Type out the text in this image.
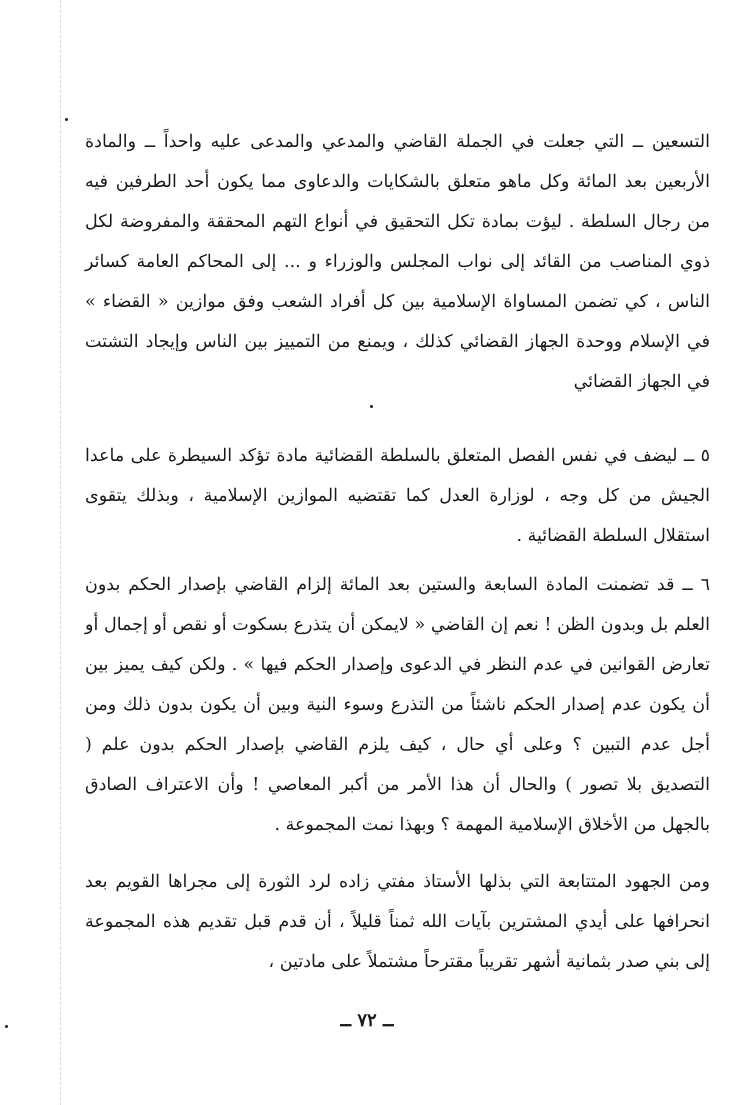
التسعين ــ التي جعلت في الجملة القاضي والمدعي والمدعى عليه واحداً ــ والمادة الأربعين بعد المائة وكل ماهو متعلق بالشكايات والدعاوى مما يكون أحد الطرفين فيه من رجال السلطة . ليؤت بمادة تكل التحقيق في أنواع التهم المحققة والمفروضة لكل ذوي المناصب من القائد إلى نواب المجلس والوزراء و ... إلى المحاكم العامة كسائر الناس ، كي تضمن المساواة الإسلامية بين كل أفراد الشعب وفق موازين « القضاء » في الإسلام ووحدة الجهاز القضائي كذلك ، ويمنع من التمييز بين الناس وإيجاد التشتت في الجهاز القضائي

٥ ــ ليضف في نفس الفصل المتعلق بالسلطة القضائية مادة تؤكد السيطرة على ماعدا الجيش من كل وجه ، لوزارة العدل كما تقتضيه الموازين الإسلامية ، وبذلك يتقوى استقلال السلطة القضائية .

٦ ــ قد تضمنت المادة السابعة والستين بعد المائة إلزام القاضي بإصدار الحكم بدون العلم بل وبدون الظن ! نعم إن القاضي « لايمكن أن يتذرع بسكوت أو نقص أو إجمال أو تعارض القوانين في عدم النظر في الدعوى وإصدار الحكم فيها » . ولكن كيف يميز بين أن يكون عدم إصدار الحكم ناشئاً من التذرع وسوء النية وبين أن يكون بدون ذلك ومن أجل عدم التبين ؟ وعلى أي حال ، كيف يلزم القاضي بإصدار الحكم بدون علم ( التصديق بلا تصور ) والحال أن هذا الأمر من أكبر المعاصي ! وأن الاعتراف الصادق بالجهل من الأخلاق الإسلامية المهمة ؟ وبهذا نمت المجموعة .

ومن الجهود المتتابعة التي بذلها الأستاذ مفتي زاده لرد الثورة إلى مجراها القويم بعد انحرافها على أيدي المشترين بآيات الله ثمناً قليلاً ، أن قدم قبل تقديم هذه المجموعة إلى بني صدر بثمانية أشهر تقريباً مقترحاً مشتملاً على مادتين ،

ــ ٧٢ ــ
